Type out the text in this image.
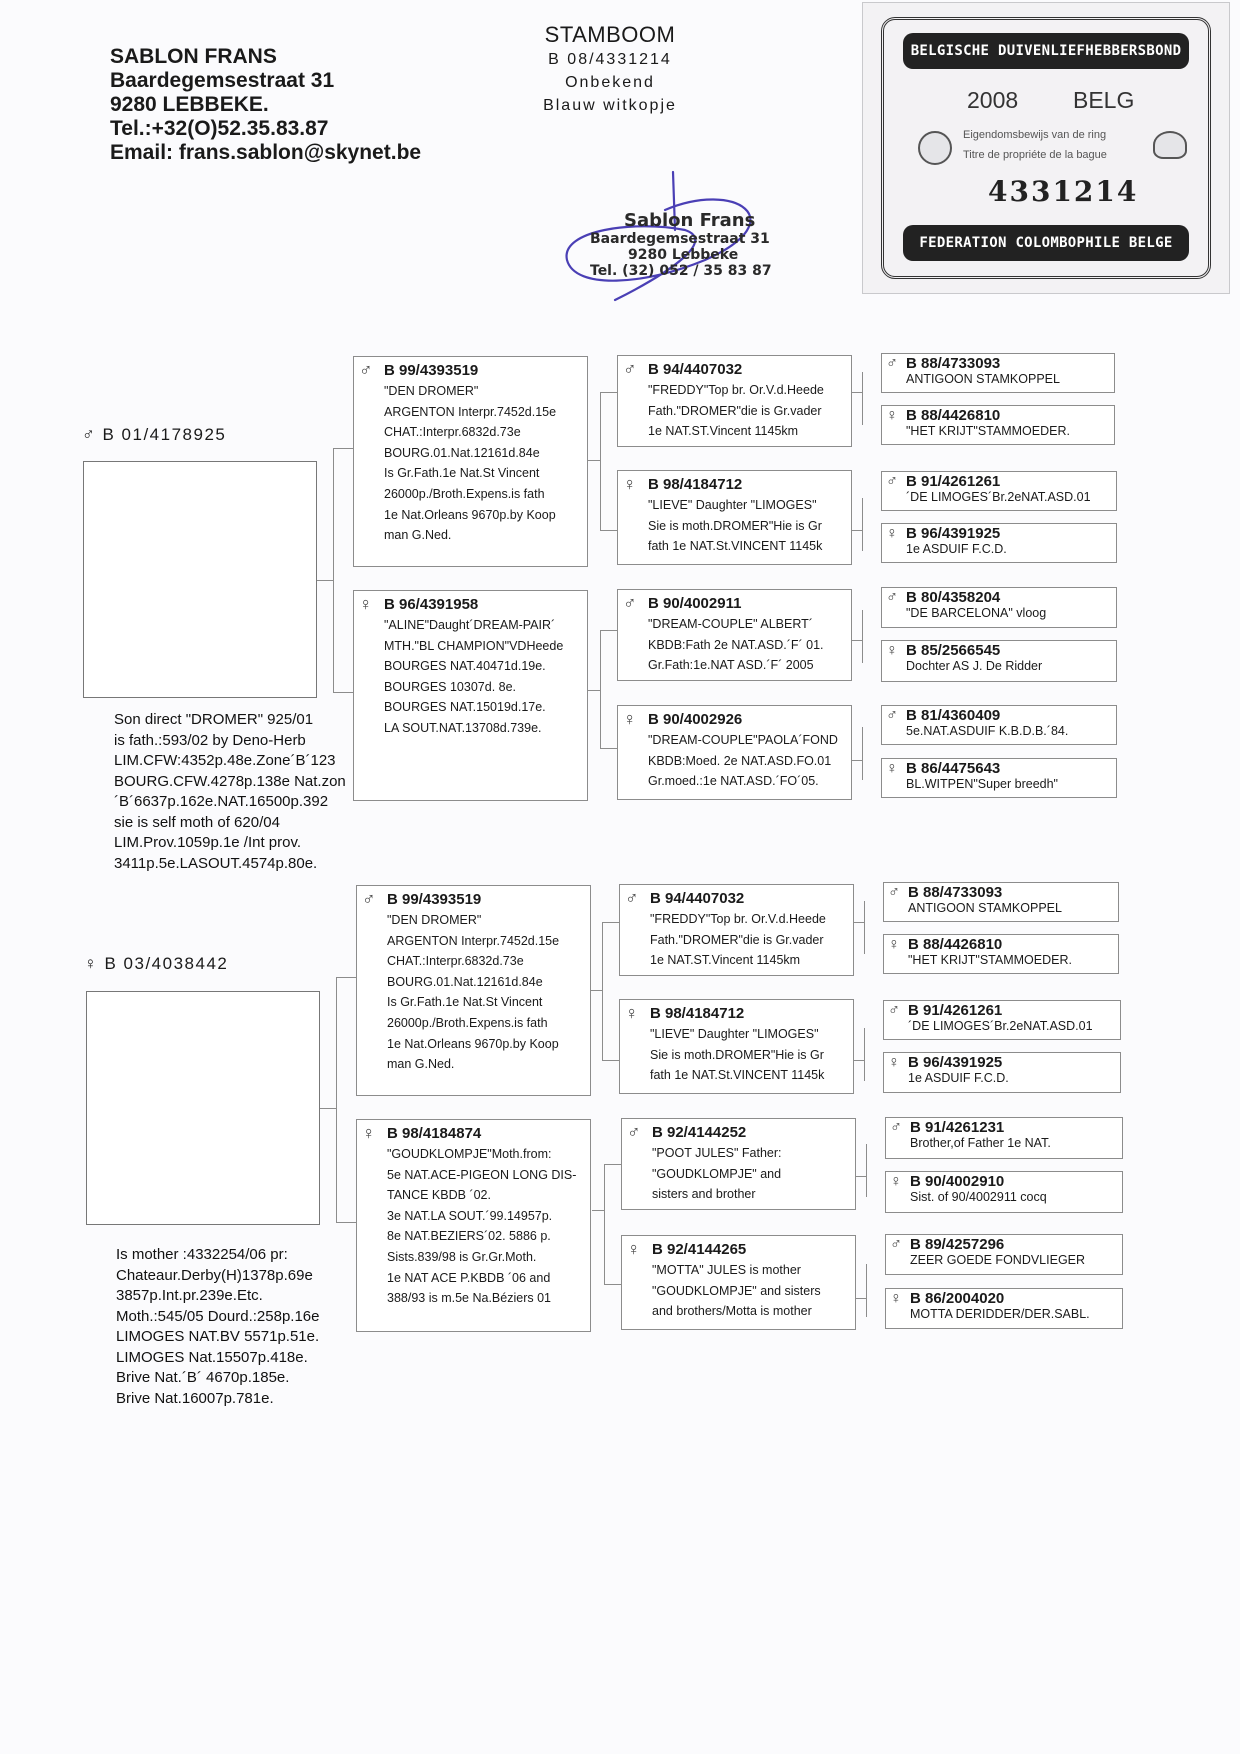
SABLON FRANS
Baardegemsestraat 31
9280 LEBBEKE.
Tel.:+32(O)52.35.83.87
Email: frans.sablon@skynet.be
STAMBOOM
B 08/4331214
Onbekend
Blauw witkopje
Sablon Frans
Baardegemsestraat 31
9280 Lebbeke
Tel. (32) 052 / 35 83 87
BELGISCHE DUIVENLIEFHEBBERSBOND
2008 BELG
Eigendomsbewijs van de ring
Titre de propriéte de la bague
4331214
FEDERATION COLOMBOPHILE BELGE
♂ B 01/4178925
Son direct "DROMER" 925/01
is fath.:593/02 by Deno-Herb
LIM.CFW:4352p.48e.Zone´B´123
BOURG.CFW.4278p.138e Nat.zon
´B´6637p.162e.NAT.16500p.392
sie is self moth of 620/04
LIM.Prov.1059p.1e /Int prov.
3411p.5e.LASOUT.4574p.80e.
♀ B 03/4038442
Is mother :4332254/06 pr:
Chateaur.Derby(H)1378p.69e
3857p.Int.pr.239e.Etc.
Moth.:545/05 Dourd.:258p.16e
LIMOGES NAT.BV 5571p.51e.
LIMOGES Nat.15507p.418e.
Brive Nat.´B´ 4670p.185e.
Brive Nat.16007p.781e.
♂ B 99/4393519
"DEN DROMER"
ARGENTON Interpr.7452d.15e
CHAT.:Interpr.6832d.73e
BOURG.01.Nat.12161d.84e
Is Gr.Fath.1e Nat.St Vincent
26000p./Broth.Expens.is fath
1e Nat.Orleans 9670p.by Koop
man G.Ned.
♀ B 96/4391958
"ALINE"Daught´DREAM-PAIR´
MTH."BL CHAMPION"VDHeede
BOURGES NAT.40471d.19e.
BOURGES 10307d. 8e.
BOURGES NAT.15019d.17e.
LA SOUT.NAT.13708d.739e.
♂ B 99/4393519
"DEN DROMER"
ARGENTON Interpr.7452d.15e
CHAT.:Interpr.6832d.73e
BOURG.01.Nat.12161d.84e
Is Gr.Fath.1e Nat.St Vincent
26000p./Broth.Expens.is fath
1e Nat.Orleans 9670p.by Koop
man G.Ned.
♀ B 98/4184874
"GOUDKLOMPJE"Moth.from:
5e NAT.ACE-PIGEON LONG DIS-
TANCE KBDB ´02.
3e NAT.LA SOUT.´99.14957p.
8e NAT.BEZIERS´02. 5886 p.
Sists.839/98 is Gr.Gr.Moth.
1e NAT ACE P.KBDB ´06 and
388/93 is m.5e Na.Béziers 01
♂ B 94/4407032
"FREDDY"Top br. Or.V.d.Heede
Fath."DROMER"die is Gr.vader
1e NAT.ST.Vincent 1145km
♀ B 98/4184712
"LIEVE" Daughter "LIMOGES"
Sie is moth.DROMER"Hie is Gr
fath 1e NAT.St.VINCENT 1145k
♂ B 90/4002911
"DREAM-COUPLE" ALBERT´
KBDB:Fath 2e NAT.ASD.´F´ 01.
Gr.Fath:1e.NAT ASD.´F´ 2005
♀ B 90/4002926
"DREAM-COUPLE"PAOLA´FOND
KBDB:Moed. 2e NAT.ASD.FO.01
Gr.moed.:1e NAT.ASD.´FO´05.
♂ B 94/4407032
"FREDDY"Top br. Or.V.d.Heede
Fath."DROMER"die is Gr.vader
1e NAT.ST.Vincent 1145km
♀ B 98/4184712
"LIEVE" Daughter "LIMOGES"
Sie is moth.DROMER"Hie is Gr
fath 1e NAT.St.VINCENT 1145k
♂ B 92/4144252
"POOT JULES" Father:
"GOUDKLOMPJE" and
sisters and brother
♀ B 92/4144265
"MOTTA" JULES is mother
"GOUDKLOMPJE" and sisters
and brothers/Motta is mother
♂ B 88/4733093
ANTIGOON STAMKOPPEL
♀ B 88/4426810
"HET KRIJT"STAMMOEDER.
♂ B 91/4261261
´DE LIMOGES´Br.2eNAT.ASD.01
♀ B 96/4391925
1e ASDUIF F.C.D.
♂ B 80/4358204
"DE BARCELONA" vloog
♀ B 85/2566545
Dochter AS J. De Ridder
♂ B 81/4360409
5e.NAT.ASDUIF K.B.D.B.´84.
♀ B 86/4475643
BL.WITPEN"Super breedh"
♂ B 88/4733093
ANTIGOON STAMKOPPEL
♀ B 88/4426810
"HET KRIJT"STAMMOEDER.
♂ B 91/4261261
´DE LIMOGES´Br.2eNAT.ASD.01
♀ B 96/4391925
1e ASDUIF F.C.D.
♂ B 91/4261231
Brother,of Father 1e NAT.
♀ B 90/4002910
Sist. of 90/4002911 cocq
♂ B 89/4257296
ZEER GOEDE FONDVLIEGER
♀ B 86/2004020
MOTTA DERIDDER/DER.SABL.
